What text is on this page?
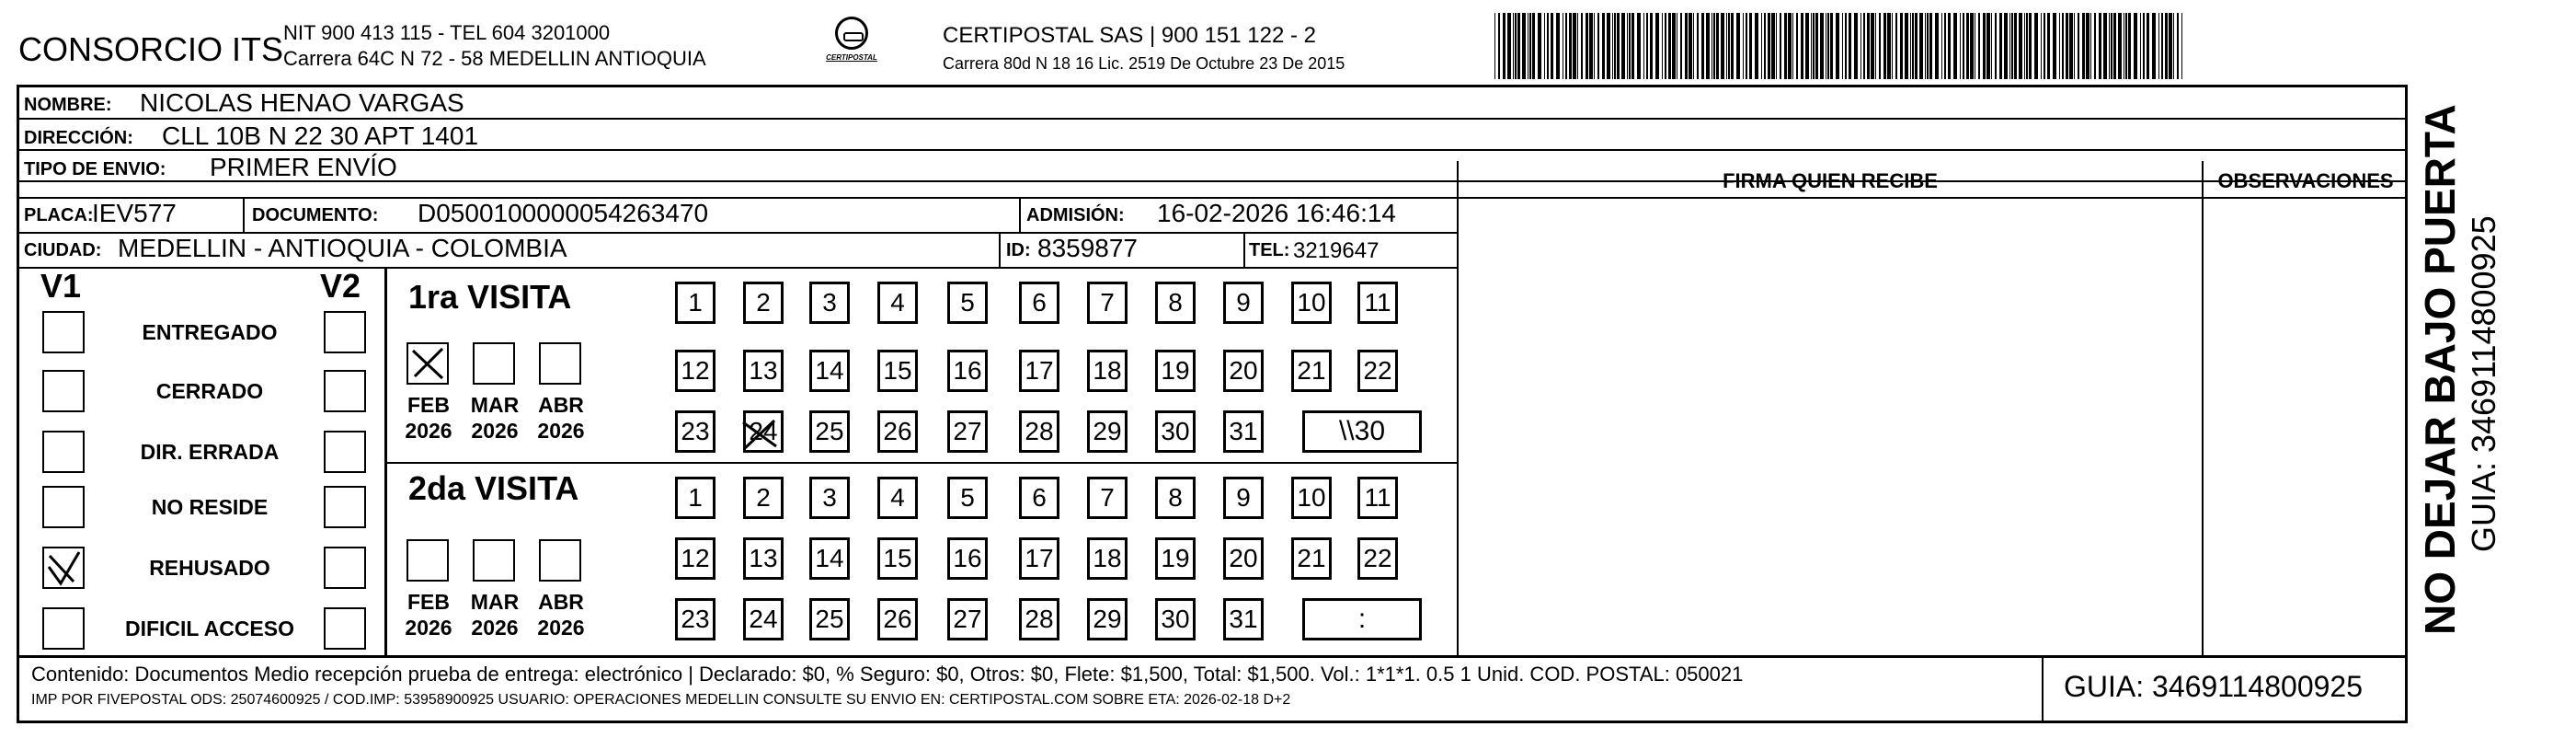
CONSORCIO ITS NIT 900 413 115 - TEL 604 3201000
Carrera 64C N 72 - 58 MEDELLIN ANTIOQUIA	CERTIPOSTAL
CERTIPOSTAL SAS | 900 151 122 - 2
Carrera 80d N 18 16 Lic. 2519 De Octubre 23 De 2015
NOMBRE: NICOLAS HENAO VARGAS
DIRECCIÓN: CLL 10B N 22 30 APT 1401
TIPO DE ENVIO: PRIMER ENVÍO	FIRMA QUIEN RECIBE	OBSERVACIONES
PLACA:
IEV577	DOCUMENTO: D0500100000054263470	ADMISIÓN: 16-02-2026 16:46:14
CIUDAD: MEDELLIN - ANTIOQUIA - COLOMBIA	ID: 8359877	TEL: 3219647
V1	V2
ENTREGADO
CERRADO
DIR. ERRADA
NO RESIDE
REHUSADO
DIFICIL ACCESO
1ra VISITA
2da VISITA
FEB
2026
MAR
2026
ABR
2026
1	2	3	4	5	6	7	8	9	10 11
12 13 14 15 16 17 18 19 20 21 22
23 24 25 26 27 28 29 30 31	\\30
FEB
2026
MAR
2026
ABR
2026
1	2	3	4	5	6	7	8	9	10 11
12 13 14 15 16 17 18 19 20 21 22
23 24 25 26 27 28 29 30 31	:
Contenido: Documentos Medio recepción prueba de entrega: electrónico | Declarado: $0, % Seguro: $0, Otros: $0, Flete: $1,500, Total: $1,500. Vol.: 1*1*1. 0.5 1 Unid. COD. POSTAL: 050021
IMP POR FIVEPOSTAL ODS: 25074600925 / COD.IMP: 53958900925 USUARIO: OPERACIONES MEDELLIN CONSULTE SU ENVIO EN: CERTIPOSTAL.COM SOBRE ETA: 2026-02-18 D+2	GUIA: 3469114800925
NO DEJAR BAJO PUERTA GUIA: 3469114800925
